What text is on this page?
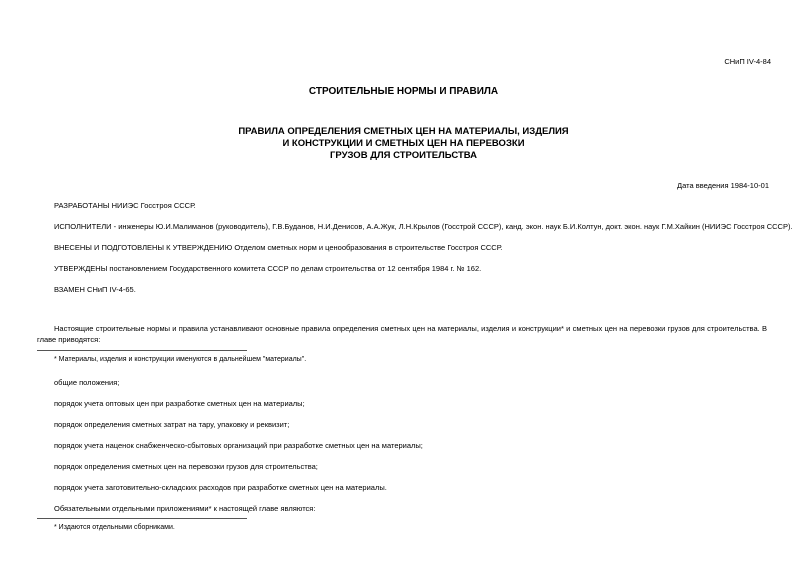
СНиП IV-4-84
СТРОИТЕЛЬНЫЕ НОРМЫ И ПРАВИЛА
ПРАВИЛА ОПРЕДЕЛЕНИЯ СМЕТНЫХ ЦЕН НА МАТЕРИАЛЫ, ИЗДЕЛИЯ
И КОНСТРУКЦИИ И СМЕТНЫХ ЦЕН НА ПЕРЕВОЗКИ
ГРУЗОВ ДЛЯ СТРОИТЕЛЬСТВА
Дата введения 1984-10-01
РАЗРАБОТАНЫ НИИЭС Госстроя СССР.
ИСПОЛНИТЕЛИ - инженеры Ю.И.Малиманов (руководитель), Г.В.Буданов, Н.И.Денисов, А.А.Жук, Л.Н.Крылов (Госстрой СССР), канд. экон. наук Б.И.Колтун, докт. экон. наук Г.М.Хайкин (НИИЭС Госстроя СССР).
ВНЕСЕНЫ И ПОДГОТОВЛЕНЫ К УТВЕРЖДЕНИЮ Отделом сметных норм и ценообразования в строительстве Госстроя СССР.
УТВЕРЖДЕНЫ постановлением Государственного комитета СССР по делам строительства от 12 сентября 1984 г. № 162.
ВЗАМЕН СНиП IV-4-65.
Настоящие строительные нормы и правила устанавливают основные правила определения сметных цен на материалы, изделия и конструкции* и сметных цен на перевозки грузов для строительства. В главе приводятся:
* Материалы, изделия и конструкции именуются в дальнейшем "материалы".
общие положения;
порядок учета оптовых цен при разработке сметных цен на материалы;
порядок определения сметных затрат на тару, упаковку и реквизит;
порядок учета наценок снабженческо-сбытовых организаций при разработке сметных цен на материалы;
порядок определения сметных цен на перевозки грузов для строительства;
порядок учета заготовительно-складских расходов при разработке сметных цен на материалы.
Обязательными отдельными приложениями* к настоящей главе являются:
* Издаются отдельными сборниками.
